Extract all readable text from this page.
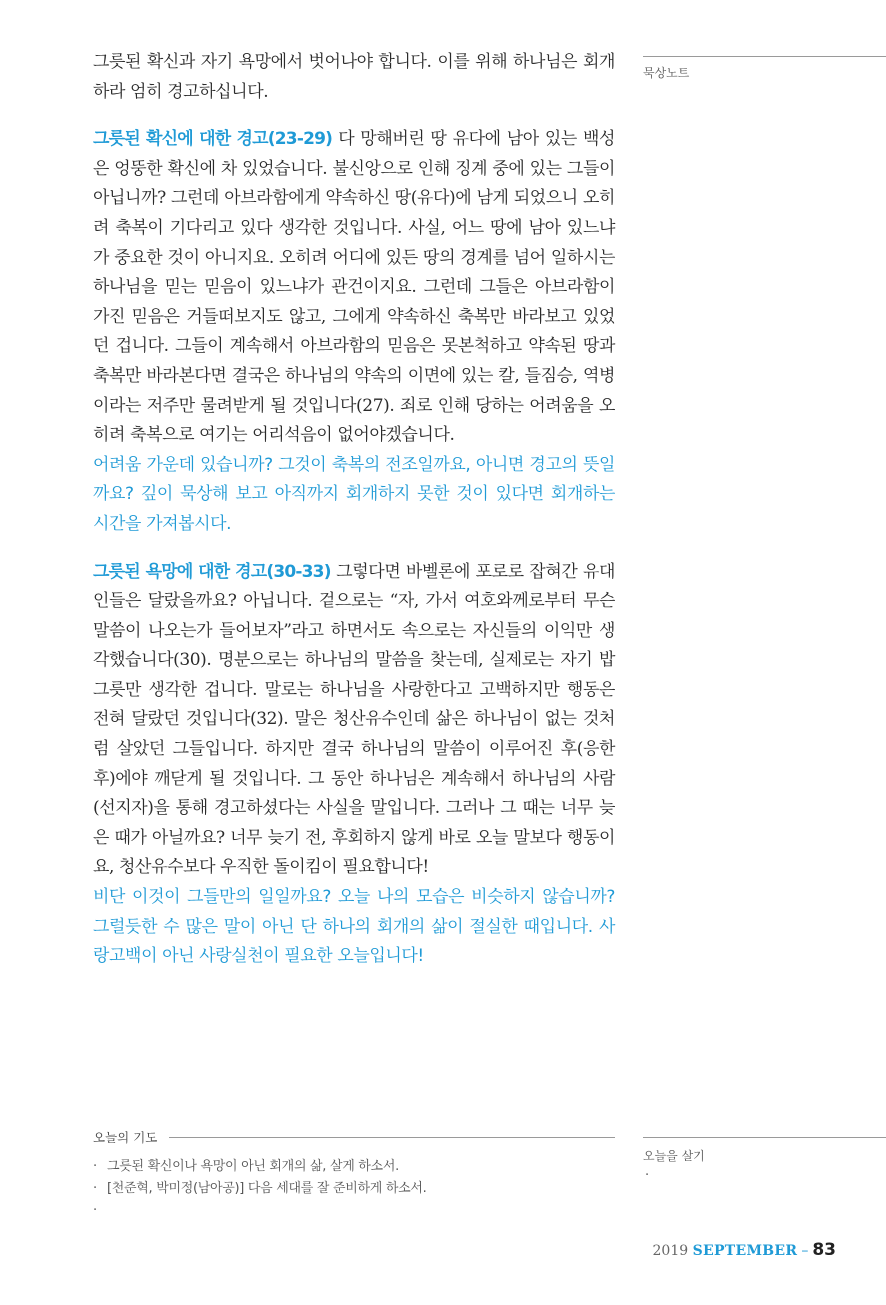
묵상노트

그릇된 확신과 자기 욕망에서 벗어나야 합니다. 이를 위해 하나님은 회개하라 엄히 경고하십니다.

그릇된 확신에 대한 경고(23-29) 다 망해버린 땅 유다에 남아 있는 백성은 엉뚱한 확신에 차 있었습니다. 불신앙으로 인해 징계 중에 있는 그들이 아닙니까? 그런데 아브라함에게 약속하신 땅(유다)에 남게 되었으니 오히려 축복이 기다리고 있다 생각한 것입니다. 사실, 어느 땅에 남아 있느냐가 중요한 것이 아니지요. 오히려 어디에 있든 땅의 경계를 넘어 일하시는 하나님을 믿는 믿음이 있느냐가 관건이지요. 그런데 그들은 아브라함이 가진 믿음은 거들떠보지도 않고, 그에게 약속하신 축복만 바라보고 있었던 겁니다. 그들이 계속해서 아브라함의 믿음은 못본척하고 약속된 땅과 축복만 바라본다면 결국은 하나님의 약속의 이면에 있는 칼, 들짐승, 역병이라는 저주만 물려받게 될 것입니다(27). 죄로 인해 당하는 어려움을 오히려 축복으로 여기는 어리석음이 없어야겠습니다.

어려움 가운데 있습니까? 그것이 축복의 전조일까요, 아니면 경고의 뜻일까요? 깊이 묵상해 보고 아직까지 회개하지 못한 것이 있다면 회개하는 시간을 가져봅시다.

그릇된 욕망에 대한 경고(30-33) 그렇다면 바벨론에 포로로 잡혀간 유대인들은 달랐을까요? 아닙니다. 겉으로는 “자, 가서 여호와께로부터 무슨 말씀이 나오는가 들어보자”라고 하면서도 속으로는 자신들의 이익만 생각했습니다(30). 명분으로는 하나님의 말씀을 찾는데, 실제로는 자기 밥그릇만 생각한 겁니다. 말로는 하나님을 사랑한다고 고백하지만 행동은 전혀 달랐던 것입니다(32). 말은 청산유수인데 삶은 하나님이 없는 것처럼 살았던 그들입니다. 하지만 결국 하나님의 말씀이 이루어진 후(응한 후)에야 깨닫게 될 것입니다. 그 동안 하나님은 계속해서 하나님의 사람(선지자)을 통해 경고하셨다는 사실을 말입니다. 그러나 그 때는 너무 늦은 때가 아닐까요? 너무 늦기 전, 후회하지 않게 바로 오늘 말보다 행동이요, 청산유수보다 우직한 돌이킴이 필요합니다!

비단 이것이 그들만의 일일까요? 오늘 나의 모습은 비슷하지 않습니까? 그럴듯한 수 많은 말이 아닌 단 하나의 회개의 삶이 절실한 때입니다. 사랑고백이 아닌 사랑실천이 필요한 오늘입니다!

오늘의 기도
· 그릇된 확신이나 욕망이 아닌 회개의 삶, 살게 하소서.
· [천준혁, 박미정(남아공)] 다음 세대를 잘 준비하게 하소서.
·
오늘을 살기
·
2019 SEPTEMBER – 83
